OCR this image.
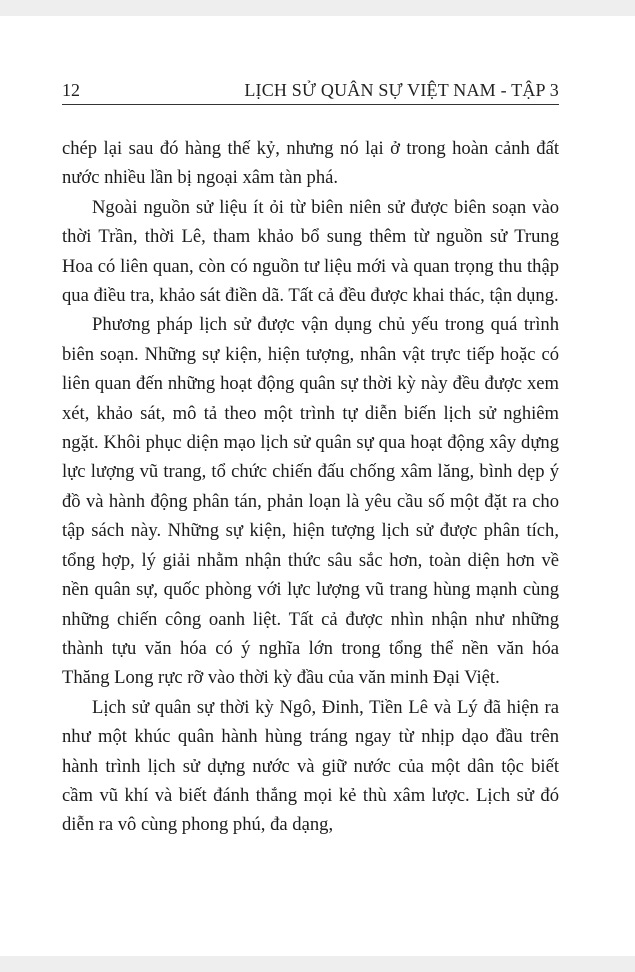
12	LỊCH SỬ QUÂN SỰ VIỆT NAM - TẬP 3

chép lại sau đó hàng thế kỷ, nhưng nó lại ở trong hoàn cảnh đất nước nhiều lần bị ngoại xâm tàn phá.

Ngoài nguồn sử liệu ít ỏi từ biên niên sử được biên soạn vào thời Trần, thời Lê, tham khảo bổ sung thêm từ nguồn sử Trung Hoa có liên quan, còn có nguồn tư liệu mới và quan trọng thu thập qua điều tra, khảo sát điền dã. Tất cả đều được khai thác, tận dụng.

Phương pháp lịch sử được vận dụng chủ yếu trong quá trình biên soạn. Những sự kiện, hiện tượng, nhân vật trực tiếp hoặc có liên quan đến những hoạt động quân sự thời kỳ này đều được xem xét, khảo sát, mô tả theo một trình tự diễn biến lịch sử nghiêm ngặt. Khôi phục diện mạo lịch sử quân sự qua hoạt động xây dựng lực lượng vũ trang, tổ chức chiến đấu chống xâm lăng, bình dẹp ý đồ và hành động phân tán, phản loạn là yêu cầu số một đặt ra cho tập sách này. Những sự kiện, hiện tượng lịch sử được phân tích, tổng hợp, lý giải nhằm nhận thức sâu sắc hơn, toàn diện hơn về nền quân sự, quốc phòng với lực lượng vũ trang hùng mạnh cùng những chiến công oanh liệt. Tất cả được nhìn nhận như những thành tựu văn hóa có ý nghĩa lớn trong tổng thể nền văn hóa Thăng Long rực rỡ vào thời kỳ đầu của văn minh Đại Việt.

Lịch sử quân sự thời kỳ Ngô, Đinh, Tiền Lê và Lý đã hiện ra như một khúc quân hành hùng tráng ngay từ nhịp dạo đầu trên hành trình lịch sử dựng nước và giữ nước của một dân tộc biết cầm vũ khí và biết đánh thắng mọi kẻ thù xâm lược. Lịch sử đó diễn ra vô cùng phong phú, đa dạng,
